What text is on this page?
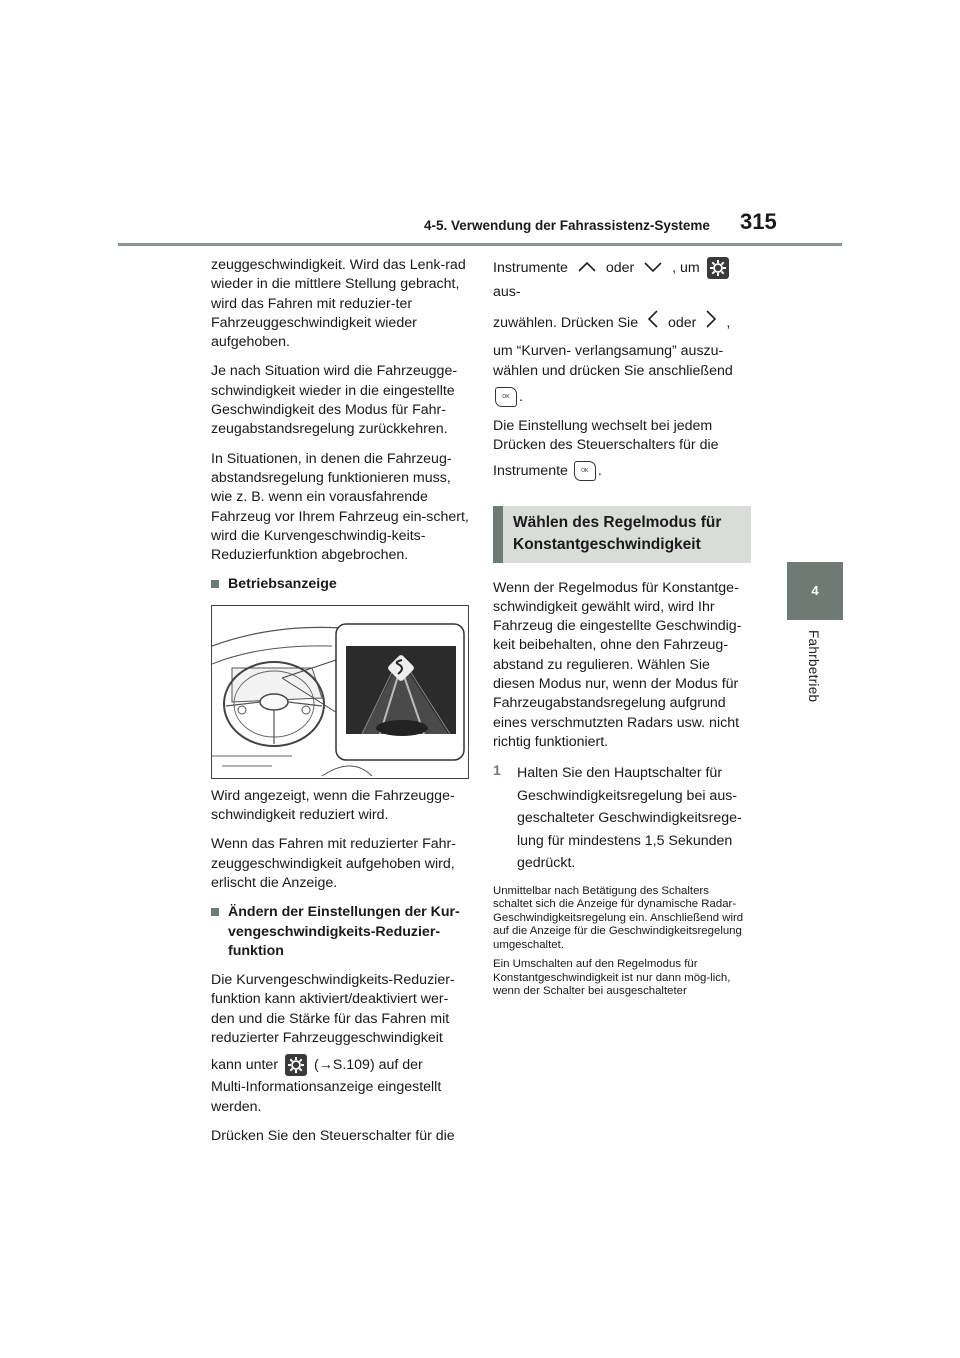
4-5. Verwendung der Fahrassistenz-Systeme 315
4
Fahrbetrieb

zeuggeschwindigkeit. Wird das Lenk-rad wieder in die mittlere Stellung gebracht, wird das Fahren mit reduzier-ter Fahrzeuggeschwindigkeit wieder aufgehoben.

Je nach Situation wird die Fahrzeugge-schwindigkeit wieder in die eingestellte Geschwindigkeit des Modus für Fahr-zeugabstandsregelung zurückkehren.

In Situationen, in denen die Fahrzeug-abstandsregelung funktionieren muss, wie z. B. wenn ein vorausfahrende Fahrzeug vor Ihrem Fahrzeug ein-schert, wird die Kurvengeschwindig-keits-Reduzierfunktion abgebrochen.

Betriebsanzeige

Wird angezeigt, wenn die Fahrzeugge-schwindigkeit reduziert wird.

Wenn das Fahren mit reduzierter Fahr-zeuggeschwindigkeit aufgehoben wird, erlischt die Anzeige.

Ändern der Einstellungen der Kur-vengeschwindigkeits-Reduzier-funktion

Die Kurvengeschwindigkeits-Reduzier-funktion kann aktiviert/deaktiviert wer-den und die Stärke für das Fahren mit reduzierter Fahrzeuggeschwindigkeit

kann unter	(→S.109) auf der

Multi-Informationsanzeige eingestellt werden.

Drücken Sie den Steuerschalter für die

Instrumente	oder	, um  aus-

zuwählen. Drücken Sie oder ,

um “Kurven- verlangsamung” auszu-wählen und drücken Sie anschließend

OK .

Die Einstellung wechselt bei jedem Drücken des Steuerschalters für die

Instrumente	OK .

Wählen des Regelmodus für Konstantgeschwindigkeit

Wenn der Regelmodus für Konstantge-schwindigkeit gewählt wird, wird Ihr Fahrzeug die eingestellte Geschwindig-keit beibehalten, ohne den Fahrzeug-abstand zu regulieren. Wählen Sie diesen Modus nur, wenn der Modus für Fahrzeugabstandsregelung aufgrund eines verschmutzten Radars usw. nicht richtig funktioniert.

1	Halten Sie den Hauptschalter für Geschwindigkeitsregelung bei aus-geschalteter Geschwindigkeitsrege-lung für mindestens 1,5 Sekunden gedrückt.

Unmittelbar nach Betätigung des Schalters schaltet sich die Anzeige für dynamische Radar-Geschwindigkeitsregelung ein. Anschließend wird auf die Anzeige für die Geschwindigkeitsregelung umgeschaltet.

Ein Umschalten auf den Regelmodus für Konstantgeschwindigkeit ist nur dann mög-lich, wenn der Schalter bei ausgeschalteter
